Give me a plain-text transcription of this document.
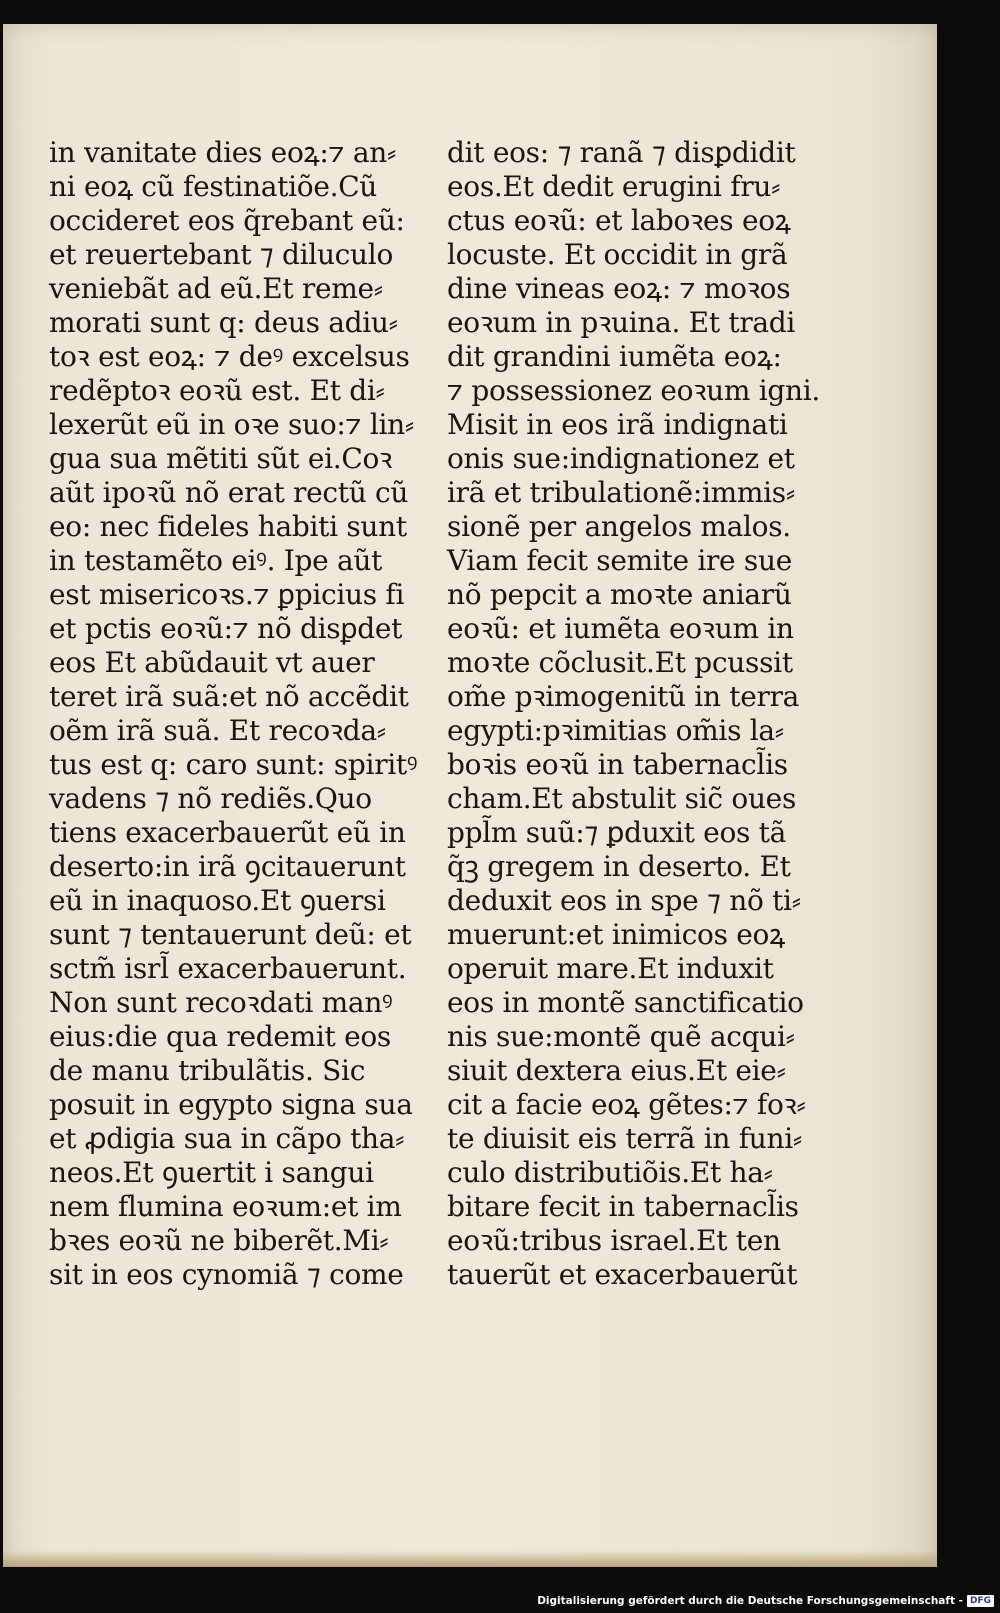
in vanitate dies eoꝝ:⁊ an⸗
ni eoꝝ cũ festinatiõe.Cũ
occideret eos q̃rebant eũ:
et reuertebant ⁊ diluculo
veniebãt ad eũ.Et reme⸗
morati sunt q: deus adiu⸗
toꝛ est eoꝝ: ⁊ deꝰ excelsus
redẽptoꝛ eoꝛũ est. Et di⸗
lexerũt eũ in oꝛe suo:⁊ lin⸗
gua sua mẽtiti sũt ei.Coꝛ
aũt ipoꝛũ nõ erat rectũ cũ
eo: nec fideles habiti sunt
in testamẽto eiꝰ. Ipe aũt
est misericoꝛs.⁊ ꝑpicius fi
et pctis eoꝛũ:⁊ nõ disꝑdet
eos Et abũdauit vt auer
teret irã suã:et nõ accẽdit
oẽm irã suã. Et recoꝛda⸗
tus est q: caro sunt: spiritꝰ
vadens ⁊ nõ rediẽs.Quo
tiens exacerbauerũt eũ in
deserto:in irã ꝯcitauerunt
eũ in inaquoso.Et ꝯuersi
sunt ⁊ tentauerunt deũ: et
sctm̃ isrl̃ exacerbauerunt.
Non sunt recoꝛdati manꝰ
eius:die qua redemit eos
de manu tribulãtis. Sic
posuit in egypto signa sua
et ꝓdigia sua in cãpo tha⸗
neos.Et ꝯuertit i sangui
nem flumina eoꝛum:et im
bꝛes eoꝛũ ne biberẽt.Mi⸗
sit in eos cynomiã ⁊ come
dit eos: ⁊ ranã ⁊ disꝑdidit
eos.Et dedit erugini fru⸗
ctus eoꝛũ: et laboꝛes eoꝝ
locuste. Et occidit in grã
dine vineas eoꝝ: ⁊ moꝛos
eoꝛum in pꝛuina. Et tradi
dit grandini iumẽta eoꝝ:
⁊ possessionez eoꝛum igni.
Misit in eos irã indignati
onis sue:indignationez et
irã et tribulationẽ:immis⸗
sionẽ per angelos malos.
Viam fecit semite ire sue
nõ pepcit a moꝛte aniarũ
eoꝛũ: et iumẽta eoꝛum in
moꝛte cõclusit.Et pcussit
om̃e pꝛimogenitũ in terra
egypti:pꝛimitias om̃is la⸗
boꝛis eoꝛũ in tabernacl̃is
cham.Et abstulit sic̃ oues
ppl̃m suũ:⁊ ꝑduxit eos tã
q̃ꝫ gregem in deserto. Et
deduxit eos in spe ⁊ nõ ti⸗
muerunt:et inimicos eoꝝ
operuit mare.Et induxit
eos in montẽ sanctificatio
nis sue:montẽ quẽ acqui⸗
siuit dextera eius.Et eie⸗
cit a facie eoꝝ gẽtes:⁊ foꝛ⸗
te diuisit eis terrã in funi⸗
culo distributiõis.Et ha⸗
bitare fecit in tabernacl̃is
eoꝛũ:tribus israel.Et ten
tauerũt et exacerbauerũt
Digitalisierung gefördert durch die Deutsche Forschungsgemeinschaft - DFG
